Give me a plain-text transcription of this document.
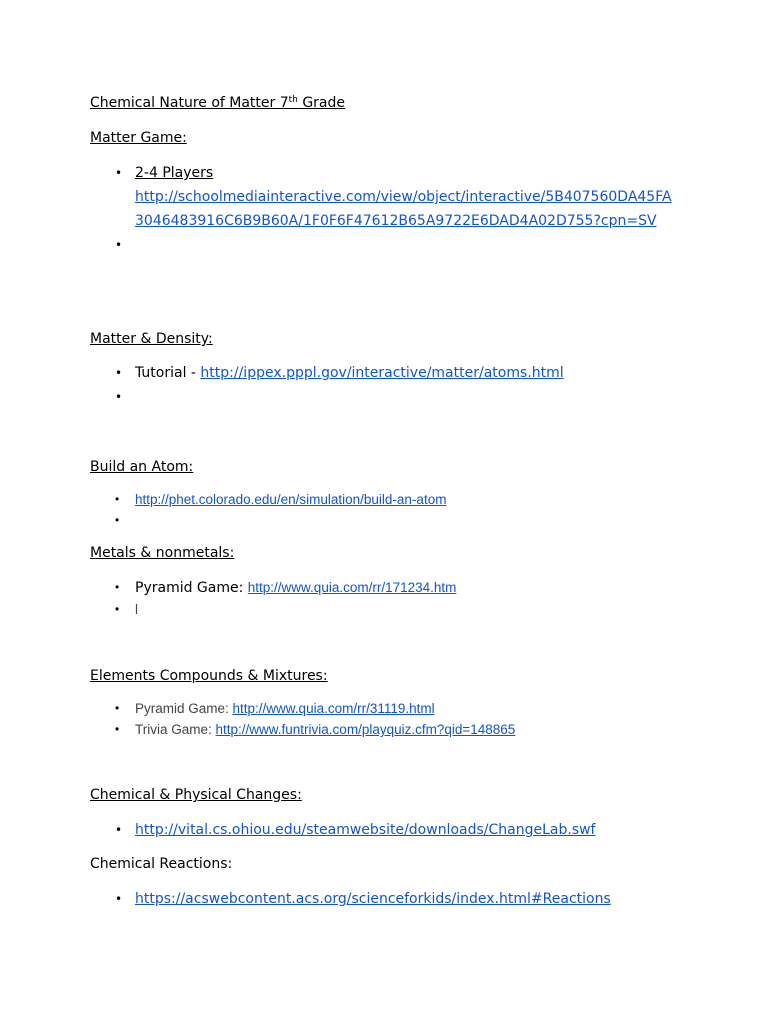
Chemical Nature of Matter 7th Grade
Matter Game:
• 2-4 Players
http://schoolmediainteractive.com/view/object/interactive/5B407560DA45FA3046483916C6B9B60A/1F0F6F47612B65A9722E6DAD4A02D755?cpn=SV
•

Matter & Density:
• Tutorial - http://ippex.pppl.gov/interactive/matter/atoms.html
•

Build an Atom:
• http://phet.colorado.edu/en/simulation/build-an-atom
•

Metals & nonmetals:
• Pyramid Game: http://www.quia.com/rr/171234.htm
• l
Elements Compounds & Mixtures:
• Pyramid Game: http://www.quia.com/rr/31119.html
• Trivia Game: http://www.funtrivia.com/playquiz.cfm?qid=148865
Chemical & Physical Changes:
• http://vital.cs.ohiou.edu/steamwebsite/downloads/ChangeLab.swf
Chemical Reactions:
• https://acswebcontent.acs.org/scienceforkids/index.html#Reactions
